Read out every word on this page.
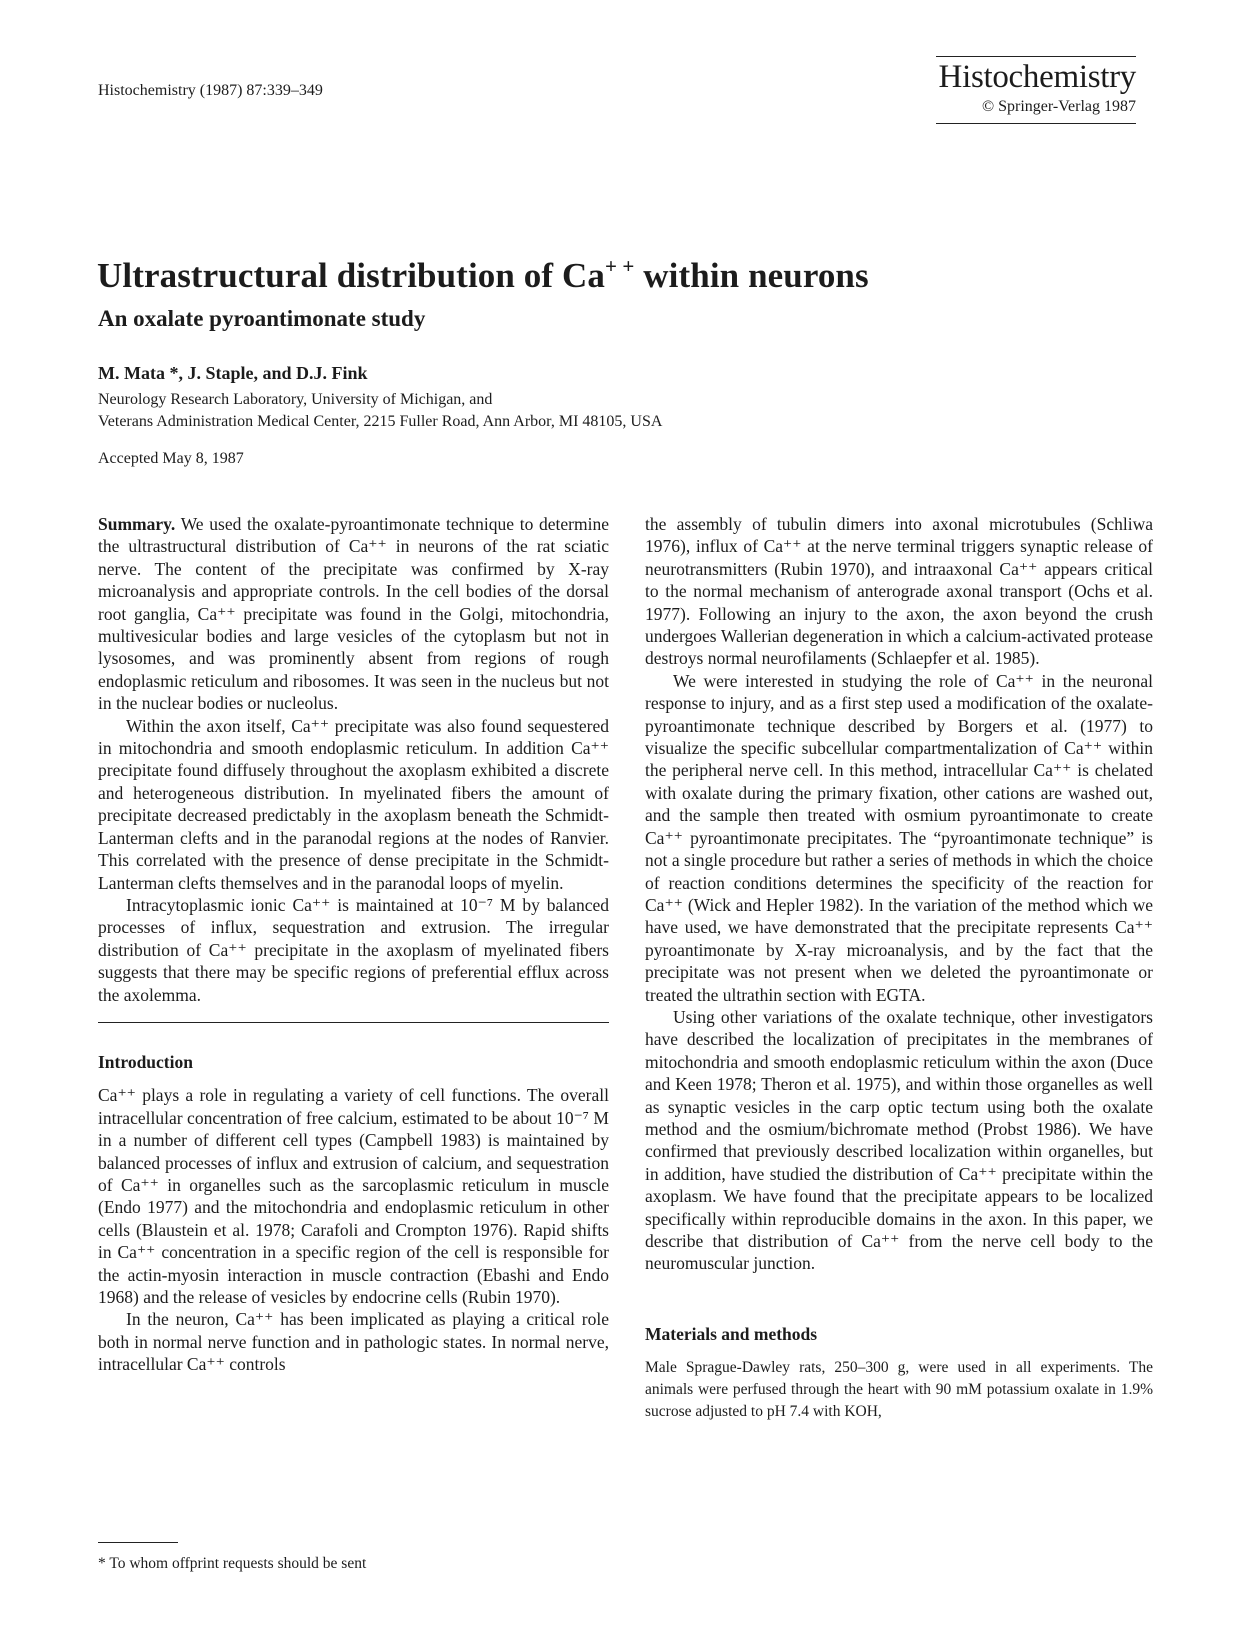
Histochemistry (1987) 87:339–349	Histochemistry
© Springer-Verlag 1987
Ultrastructural distribution of Ca+ + within neurons
An oxalate pyroantimonate study
M. Mata *, J. Staple, and D.J. Fink
Neurology Research Laboratory, University of Michigan, and
Veterans Administration Medical Center, 2215 Fuller Road, Ann Arbor, MI 48105, USA
Accepted May 8, 1987

Summary. We used the oxalate-pyroantimonate technique to determine the ultrastructural distribution of Ca⁺⁺ in neurons of the rat sciatic nerve. The content of the precipitate was confirmed by X-ray microanalysis and appropriate controls. In the cell bodies of the dorsal root ganglia, Ca⁺⁺ precipitate was found in the Golgi, mitochondria, multivesicular bodies and large vesicles of the cytoplasm but not in lysosomes, and was prominently absent from regions of rough endoplasmic reticulum and ribosomes. It was seen in the nucleus but not in the nuclear bodies or nucleolus.

Within the axon itself, Ca⁺⁺ precipitate was also found sequestered in mitochondria and smooth endoplasmic reticulum. In addition Ca⁺⁺ precipitate found diffusely throughout the axoplasm exhibited a discrete and heterogeneous distribution. In myelinated fibers the amount of precipitate decreased predictably in the axoplasm beneath the Schmidt-Lanterman clefts and in the paranodal regions at the nodes of Ranvier. This correlated with the presence of dense precipitate in the Schmidt-Lanterman clefts themselves and in the paranodal loops of myelin.

Intracytoplasmic ionic Ca⁺⁺ is maintained at 10⁻⁷ M by balanced processes of influx, sequestration and extrusion. The irregular distribution of Ca⁺⁺ precipitate in the axoplasm of myelinated fibers suggests that there may be specific regions of preferential efflux across the axolemma.

Introduction

Ca⁺⁺ plays a role in regulating a variety of cell functions. The overall intracellular concentration of free calcium, estimated to be about 10⁻⁷ M in a number of different cell types (Campbell 1983) is maintained by balanced processes of influx and extrusion of calcium, and sequestration of Ca⁺⁺ in organelles such as the sarcoplasmic reticulum in muscle (Endo 1977) and the mitochondria and endoplasmic reticulum in other cells (Blaustein et al. 1978; Carafoli and Crompton 1976). Rapid shifts in Ca⁺⁺ concentration in a specific region of the cell is responsible for the actin-myosin interaction in muscle contraction (Ebashi and Endo 1968) and the release of vesicles by endocrine cells (Rubin 1970).

In the neuron, Ca⁺⁺ has been implicated as playing a critical role both in normal nerve function and in pathologic states. In normal nerve, intracellular Ca⁺⁺ controls

the assembly of tubulin dimers into axonal microtubules (Schliwa 1976), influx of Ca⁺⁺ at the nerve terminal triggers synaptic release of neurotransmitters (Rubin 1970), and intraaxonal Ca⁺⁺ appears critical to the normal mechanism of anterograde axonal transport (Ochs et al. 1977). Following an injury to the axon, the axon beyond the crush undergoes Wallerian degeneration in which a calcium-activated protease destroys normal neurofilaments (Schlaepfer et al. 1985).

We were interested in studying the role of Ca⁺⁺ in the neuronal response to injury, and as a first step used a modification of the oxalate-pyroantimonate technique described by Borgers et al. (1977) to visualize the specific subcellular compartmentalization of Ca⁺⁺ within the peripheral nerve cell. In this method, intracellular Ca⁺⁺ is chelated with oxalate during the primary fixation, other cations are washed out, and the sample then treated with osmium pyroantimonate to create Ca⁺⁺ pyroantimonate precipitates. The “pyroantimonate technique” is not a single procedure but rather a series of methods in which the choice of reaction conditions determines the specificity of the reaction for Ca⁺⁺ (Wick and Hepler 1982). In the variation of the method which we have used, we have demonstrated that the precipitate represents Ca⁺⁺ pyroantimonate by X-ray microanalysis, and by the fact that the precipitate was not present when we deleted the pyroantimonate or treated the ultrathin section with EGTA.

Using other variations of the oxalate technique, other investigators have described the localization of precipitates in the membranes of mitochondria and smooth endoplasmic reticulum within the axon (Duce and Keen 1978; Theron et al. 1975), and within those organelles as well as synaptic vesicles in the carp optic tectum using both the oxalate method and the osmium/bichromate method (Probst 1986). We have confirmed that previously described localization within organelles, but in addition, have studied the distribution of Ca⁺⁺ precipitate within the axoplasm. We have found that the precipitate appears to be localized specifically within reproducible domains in the axon. In this paper, we describe that distribution of Ca⁺⁺ from the nerve cell body to the neuromuscular junction.

Materials and methods

Male Sprague-Dawley rats, 250–300 g, were used in all experiments. The animals were perfused through the heart with 90 mM potassium oxalate in 1.9% sucrose adjusted to pH 7.4 with KOH,

* To whom offprint requests should be sent
